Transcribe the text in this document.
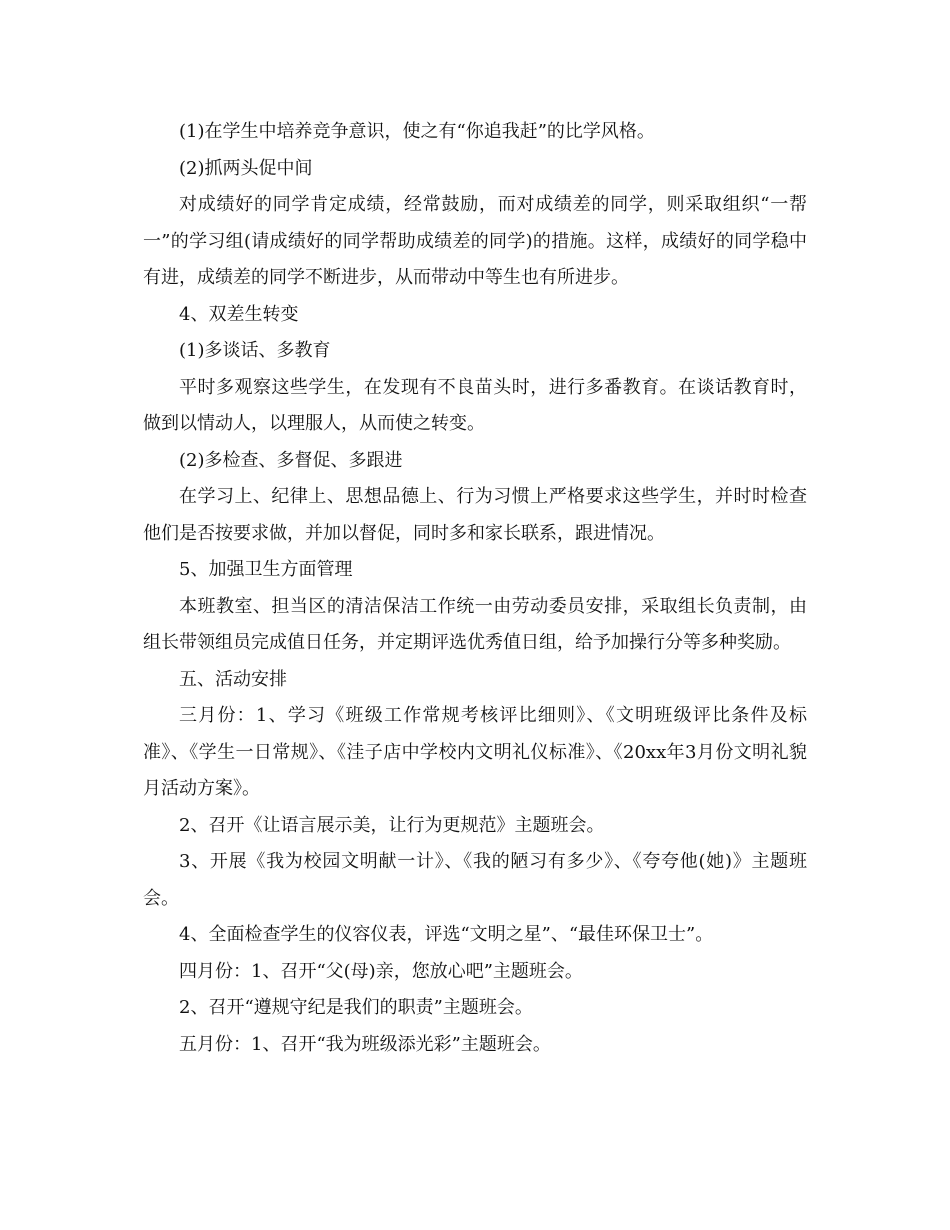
(1)在学生中培养竞争意识，使之有“你追我赶”的比学风格。

(2)抓两头促中间

对成绩好的同学肯定成绩，经常鼓励，而对成绩差的同学，则采取组织“一帮一”的学习组(请成绩好的同学帮助成绩差的同学)的措施。这样，成绩好的同学稳中有进，成绩差的同学不断进步，从而带动中等生也有所进步。

4、双差生转变

(1)多谈话、多教育

平时多观察这些学生，在发现有不良苗头时，进行多番教育。在谈话教育时，做到以情动人，以理服人，从而使之转变。

(2)多检查、多督促、多跟进

在学习上、纪律上、思想品德上、行为习惯上严格要求这些学生，并时时检查他们是否按要求做，并加以督促，同时多和家长联系，跟进情况。

5、加强卫生方面管理

本班教室、担当区的清洁保洁工作统一由劳动委员安排，采取组长负责制，由组长带领组员完成值日任务，并定期评选优秀值日组，给予加操行分等多种奖励。

五、活动安排

三月份：1、学习《班级工作常规考核评比细则》、《文明班级评比条件及标准》、《学生一日常规》、《洼子店中学校内文明礼仪标准》、《20xx年3月份文明礼貌月活动方案》。

2、召开《让语言展示美，让行为更规范》主题班会。

3、开展《我为校园文明献一计》、《我的陋习有多少》、《夸夸他(她)》主题班会。

4、全面检查学生的仪容仪表，评选“文明之星”、“最佳环保卫士”。

四月份：1、召开“父(母)亲，您放心吧”主题班会。

2、召开“遵规守纪是我们的职责”主题班会。

五月份：1、召开“我为班级添光彩”主题班会。
